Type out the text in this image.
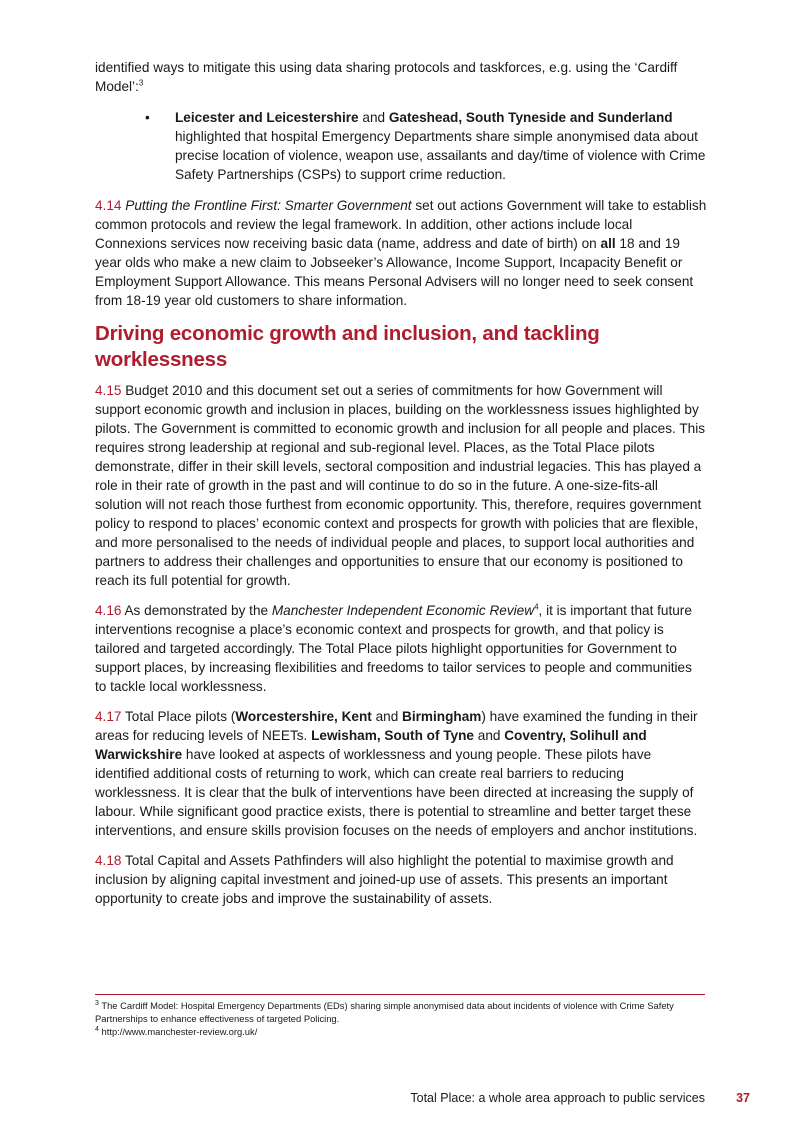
identified ways to mitigate this using data sharing protocols and taskforces, e.g. using the ‘Cardiff Model’:$^3$

• Leicester and Leicestershire and Gateshead, South Tyneside and Sunderland highlighted that hospital Emergency Departments share simple anonymised data about precise location of violence, weapon use, assailants and day/time of violence with Crime Safety Partnerships (CSPs) to support crime reduction.

4.14 Putting the Frontline First: Smarter Government set out actions Government will take to establish common protocols and review the legal framework. In addition, other actions include local Connexions services now receiving basic data (name, address and date of birth) on all 18 and 19 year olds who make a new claim to Jobseeker’s Allowance, Income Support, Incapacity Benefit or Employment Support Allowance. This means Personal Advisers will no longer need to seek consent from 18-19 year old customers to share information.

Driving economic growth and inclusion, and tackling worklessness

4.15 Budget 2010 and this document set out a series of commitments for how Government will support economic growth and inclusion in places, building on the worklessness issues highlighted by pilots. The Government is committed to economic growth and inclusion for all people and places. This requires strong leadership at regional and sub-regional level. Places, as the Total Place pilots demonstrate, differ in their skill levels, sectoral composition and industrial legacies. This has played a role in their rate of growth in the past and will continue to do so in the future. A one-size-fits-all solution will not reach those furthest from economic opportunity. This, therefore, requires government policy to respond to places’ economic context and prospects for growth with policies that are flexible, and more personalised to the needs of individual people and places, to support local authorities and partners to address their challenges and opportunities to ensure that our economy is positioned to reach its full potential for growth.

4.16 As demonstrated by the Manchester Independent Economic Review$^4$, it is important that future interventions recognise a place’s economic context and prospects for growth, and that policy is tailored and targeted accordingly. The Total Place pilots highlight opportunities for Government to support places, by increasing flexibilities and freedoms to tailor services to people and communities to tackle local worklessness.

4.17 Total Place pilots (Worcestershire, Kent and Birmingham) have examined the funding in their areas for reducing levels of NEETs. Lewisham, South of Tyne and Coventry, Solihull and Warwickshire have looked at aspects of worklessness and young people. These pilots have identified additional costs of returning to work, which can create real barriers to reducing worklessness. It is clear that the bulk of interventions have been directed at increasing the supply of labour. While significant good practice exists, there is potential to streamline and better target these interventions, and ensure skills provision focuses on the needs of employers and anchor institutions.

4.18 Total Capital and Assets Pathfinders will also highlight the potential to maximise growth and inclusion by aligning capital investment and joined-up use of assets. This presents an important opportunity to create jobs and improve the sustainability of assets.

$^3$ The Cardiff Model: Hospital Emergency Departments (EDs) sharing simple anonymised data about incidents of violence with Crime Safety Partnerships to enhance effectiveness of targeted Policing.

$^4$ http://www.manchester-review.org.uk/

Total Place: a whole area approach to public services 37
